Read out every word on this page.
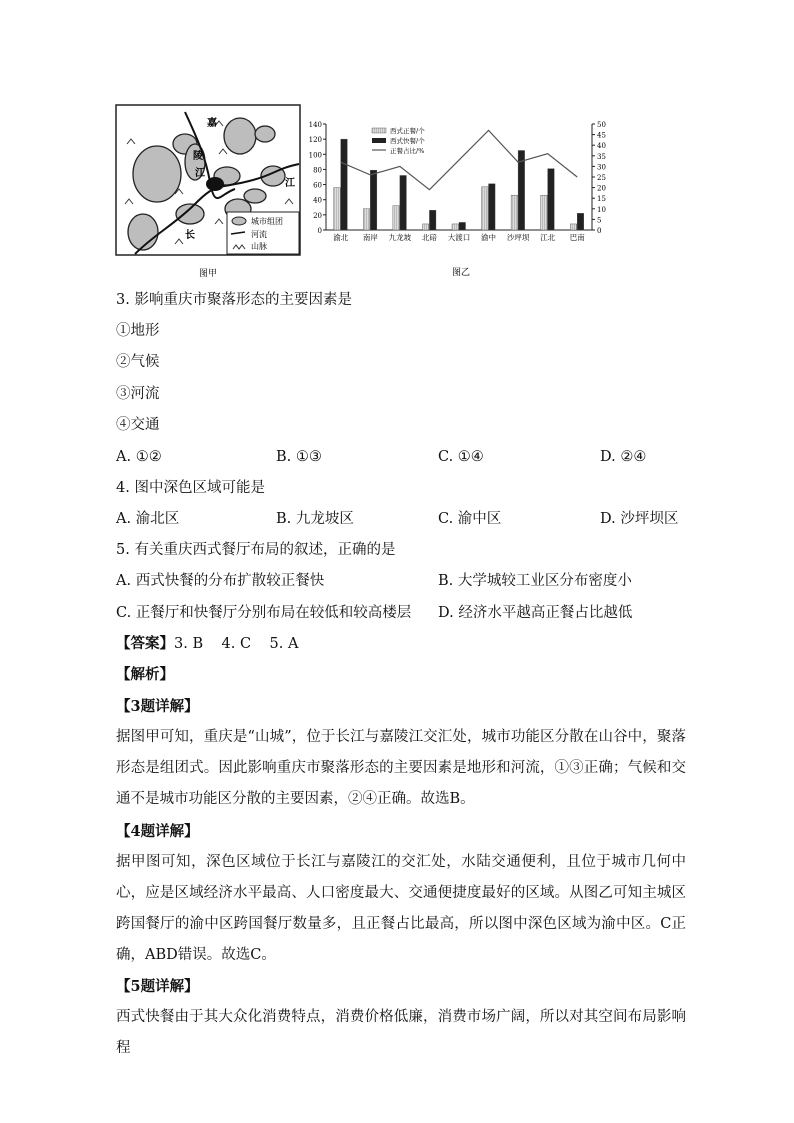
嘉
陵
江
江
长
城市组团
河流
山脉
图甲
0
20
40
60
80
100
120
140
0
5
10
15
20
25
30
35
40
45
50
渝北 南岸 九龙坡 北碚 大渡口 渝中 沙坪坝 江北 巴南
西式正餐/个
西式快餐/个
正餐占比/%
图乙
3. 影响重庆市聚落形态的主要因素是
①地形
②气候
③河流
④交通
A. ①②	B. ①③	C. ①④	D. ②④
4. 图中深色区域可能是
A. 渝北区	B. 九龙坡区	C. 渝中区	D. 沙坪坝区
5. 有关重庆西式餐厅布局的叙述，正确的是
A. 西式快餐的分布扩散较正餐快	B. 大学城较工业区分布密度小
C. 正餐厅和快餐厅分别布局在较低和较高楼层 D. 经济水平越高正餐占比越低
【答案】3. B    4. C    5. A
【解析】
【3题详解】
据图甲可知，重庆是“山城”，位于长江与嘉陵江交汇处，城市功能区分散在山谷中，聚落形态是组团式。因此影响重庆市聚落形态的主要因素是地形和河流，①③正确；气候和交通不是城市功能区分散的主要因素，②④正确。故选B。
【4题详解】
据甲图可知，深色区域位于长江与嘉陵江的交汇处，水陆交通便利，且位于城市几何中心，应是区域经济水平最高、人口密度最大、交通便捷度最好的区域。从图乙可知主城区跨国餐厅的渝中区跨国餐厅数量多，且正餐占比最高，所以图中深色区域为渝中区。C正确，ABD错误。故选C。
【5题详解】
西式快餐由于其大众化消费特点，消费价格低廉，消费市场广阔，所以对其空间布局影响程
